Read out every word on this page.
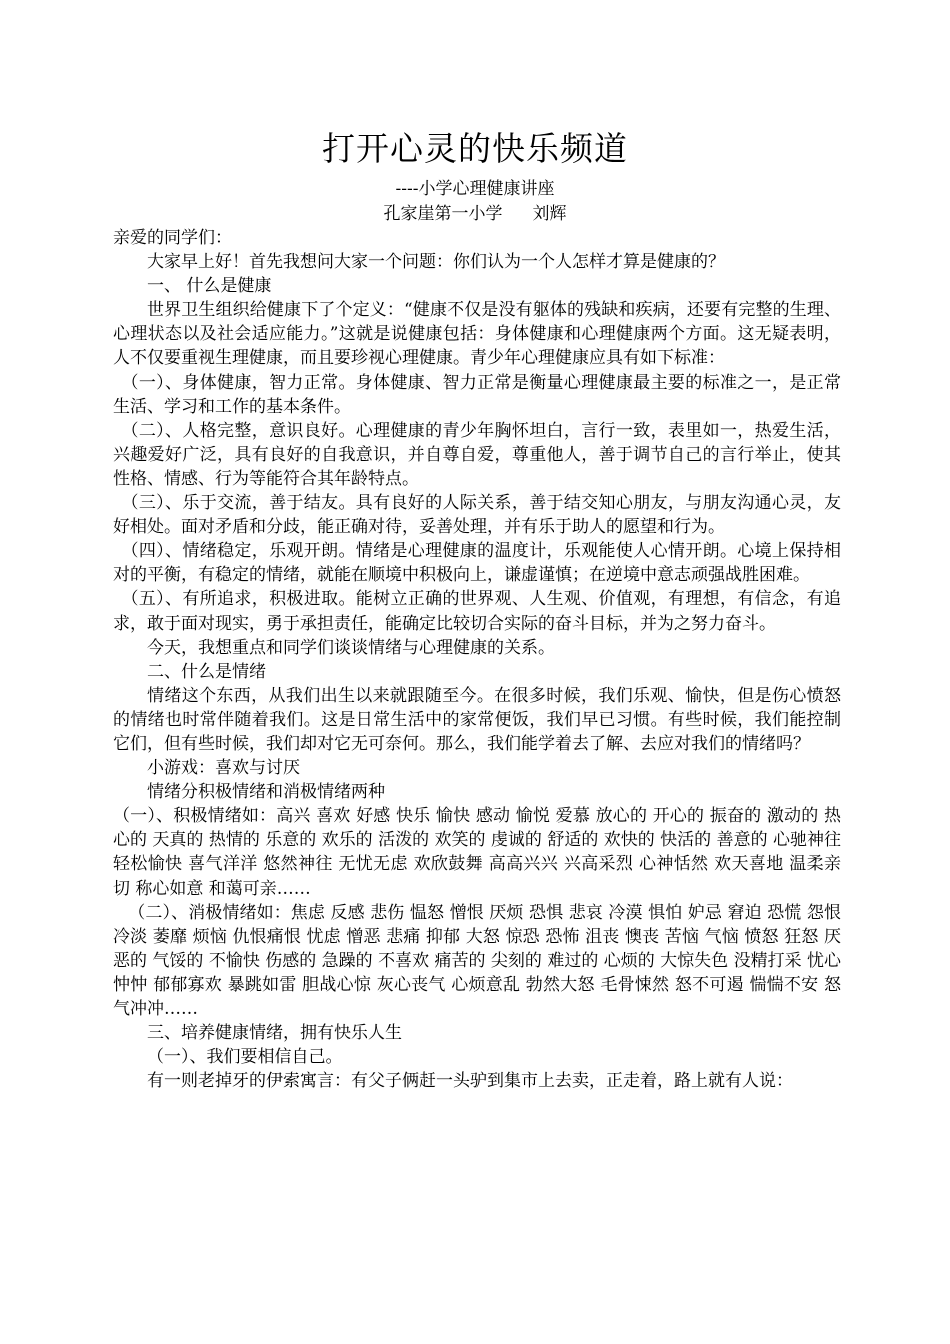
打开心灵的快乐频道
----小学心理健康讲座
孔家崖第一小学 刘辉

亲爱的同学们：

大家早上好！首先我想问大家一个问题：你们认为一个人怎样才算是健康的？

一、 什么是健康

世界卫生组织给健康下了个定义：“健康不仅是没有躯体的残缺和疾病，还要有完整的生理、心理状态以及社会适应能力。”这就是说健康包括：身体健康和心理健康两个方面。这无疑表明，人不仅要重视生理健康，而且要珍视心理健康。青少年心理健康应具有如下标准：

（一）、身体健康，智力正常。身体健康、智力正常是衡量心理健康最主要的标准之一，是正常生活、学习和工作的基本条件。

（二）、人格完整，意识良好。心理健康的青少年胸怀坦白，言行一致，表里如一，热爱生活，兴趣爱好广泛，具有良好的自我意识，并自尊自爱，尊重他人，善于调节自己的言行举止，使其性格、情感、行为等能符合其年龄特点。

（三）、乐于交流，善于结友。具有良好的人际关系，善于结交知心朋友，与朋友沟通心灵，友好相处。面对矛盾和分歧，能正确对待，妥善处理，并有乐于助人的愿望和行为。

（四）、情绪稳定，乐观开朗。情绪是心理健康的温度计，乐观能使人心情开朗。心境上保持相对的平衡，有稳定的情绪，就能在顺境中积极向上，谦虚谨慎；在逆境中意志顽强战胜困难。

（五）、有所追求，积极进取。能树立正确的世界观、人生观、价值观，有理想，有信念，有追求，敢于面对现实，勇于承担责任，能确定比较切合实际的奋斗目标，并为之努力奋斗。

今天，我想重点和同学们谈谈情绪与心理健康的关系。

二、什么是情绪

情绪这个东西，从我们出生以来就跟随至今。在很多时候，我们乐观、愉快，但是伤心愤怒的情绪也时常伴随着我们。这是日常生活中的家常便饭，我们早已习惯。有些时候，我们能控制它们，但有些时候，我们却对它无可奈何。那么，我们能学着去了解、去应对我们的情绪吗？

小游戏：喜欢与讨厌

情绪分积极情绪和消极情绪两种

（一）、积极情绪如：高兴 喜欢 好感 快乐 愉快 感动 愉悦 爱慕 放心的 开心的 振奋的 激动的 热心的 天真的 热情的 乐意的 欢乐的 活泼的 欢笑的 虔诚的 舒适的 欢快的 快活的 善意的 心驰神往 轻松愉快 喜气洋洋 悠然神往 无忧无虑 欢欣鼓舞 高高兴兴 兴高采烈 心神恬然 欢天喜地 温柔亲切 称心如意 和蔼可亲……

（二）、消极情绪如：焦虑 反感 悲伤 愠怒 憎恨 厌烦 恐惧 悲哀 冷漠 惧怕 妒忌 窘迫 恐慌 怨恨 冷淡 萎靡 烦恼 仇恨痛恨 忧虑 憎恶 悲痛 抑郁 大怒 惊恐 恐怖 沮丧 懊丧 苦恼 气恼 愤怒 狂怒 厌恶的 气馁的 不愉快 伤感的 急躁的 不喜欢 痛苦的 尖刻的 难过的 心烦的 大惊失色 没精打采 忧心忡忡 郁郁寡欢 暴跳如雷 胆战心惊 灰心丧气 心烦意乱 勃然大怒 毛骨悚然 怒不可遏 惴惴不安 怒气冲冲……

三、培养健康情绪，拥有快乐人生

（一）、我们要相信自己。

有一则老掉牙的伊索寓言：有父子俩赶一头驴到集市上去卖，正走着，路上就有人说：
